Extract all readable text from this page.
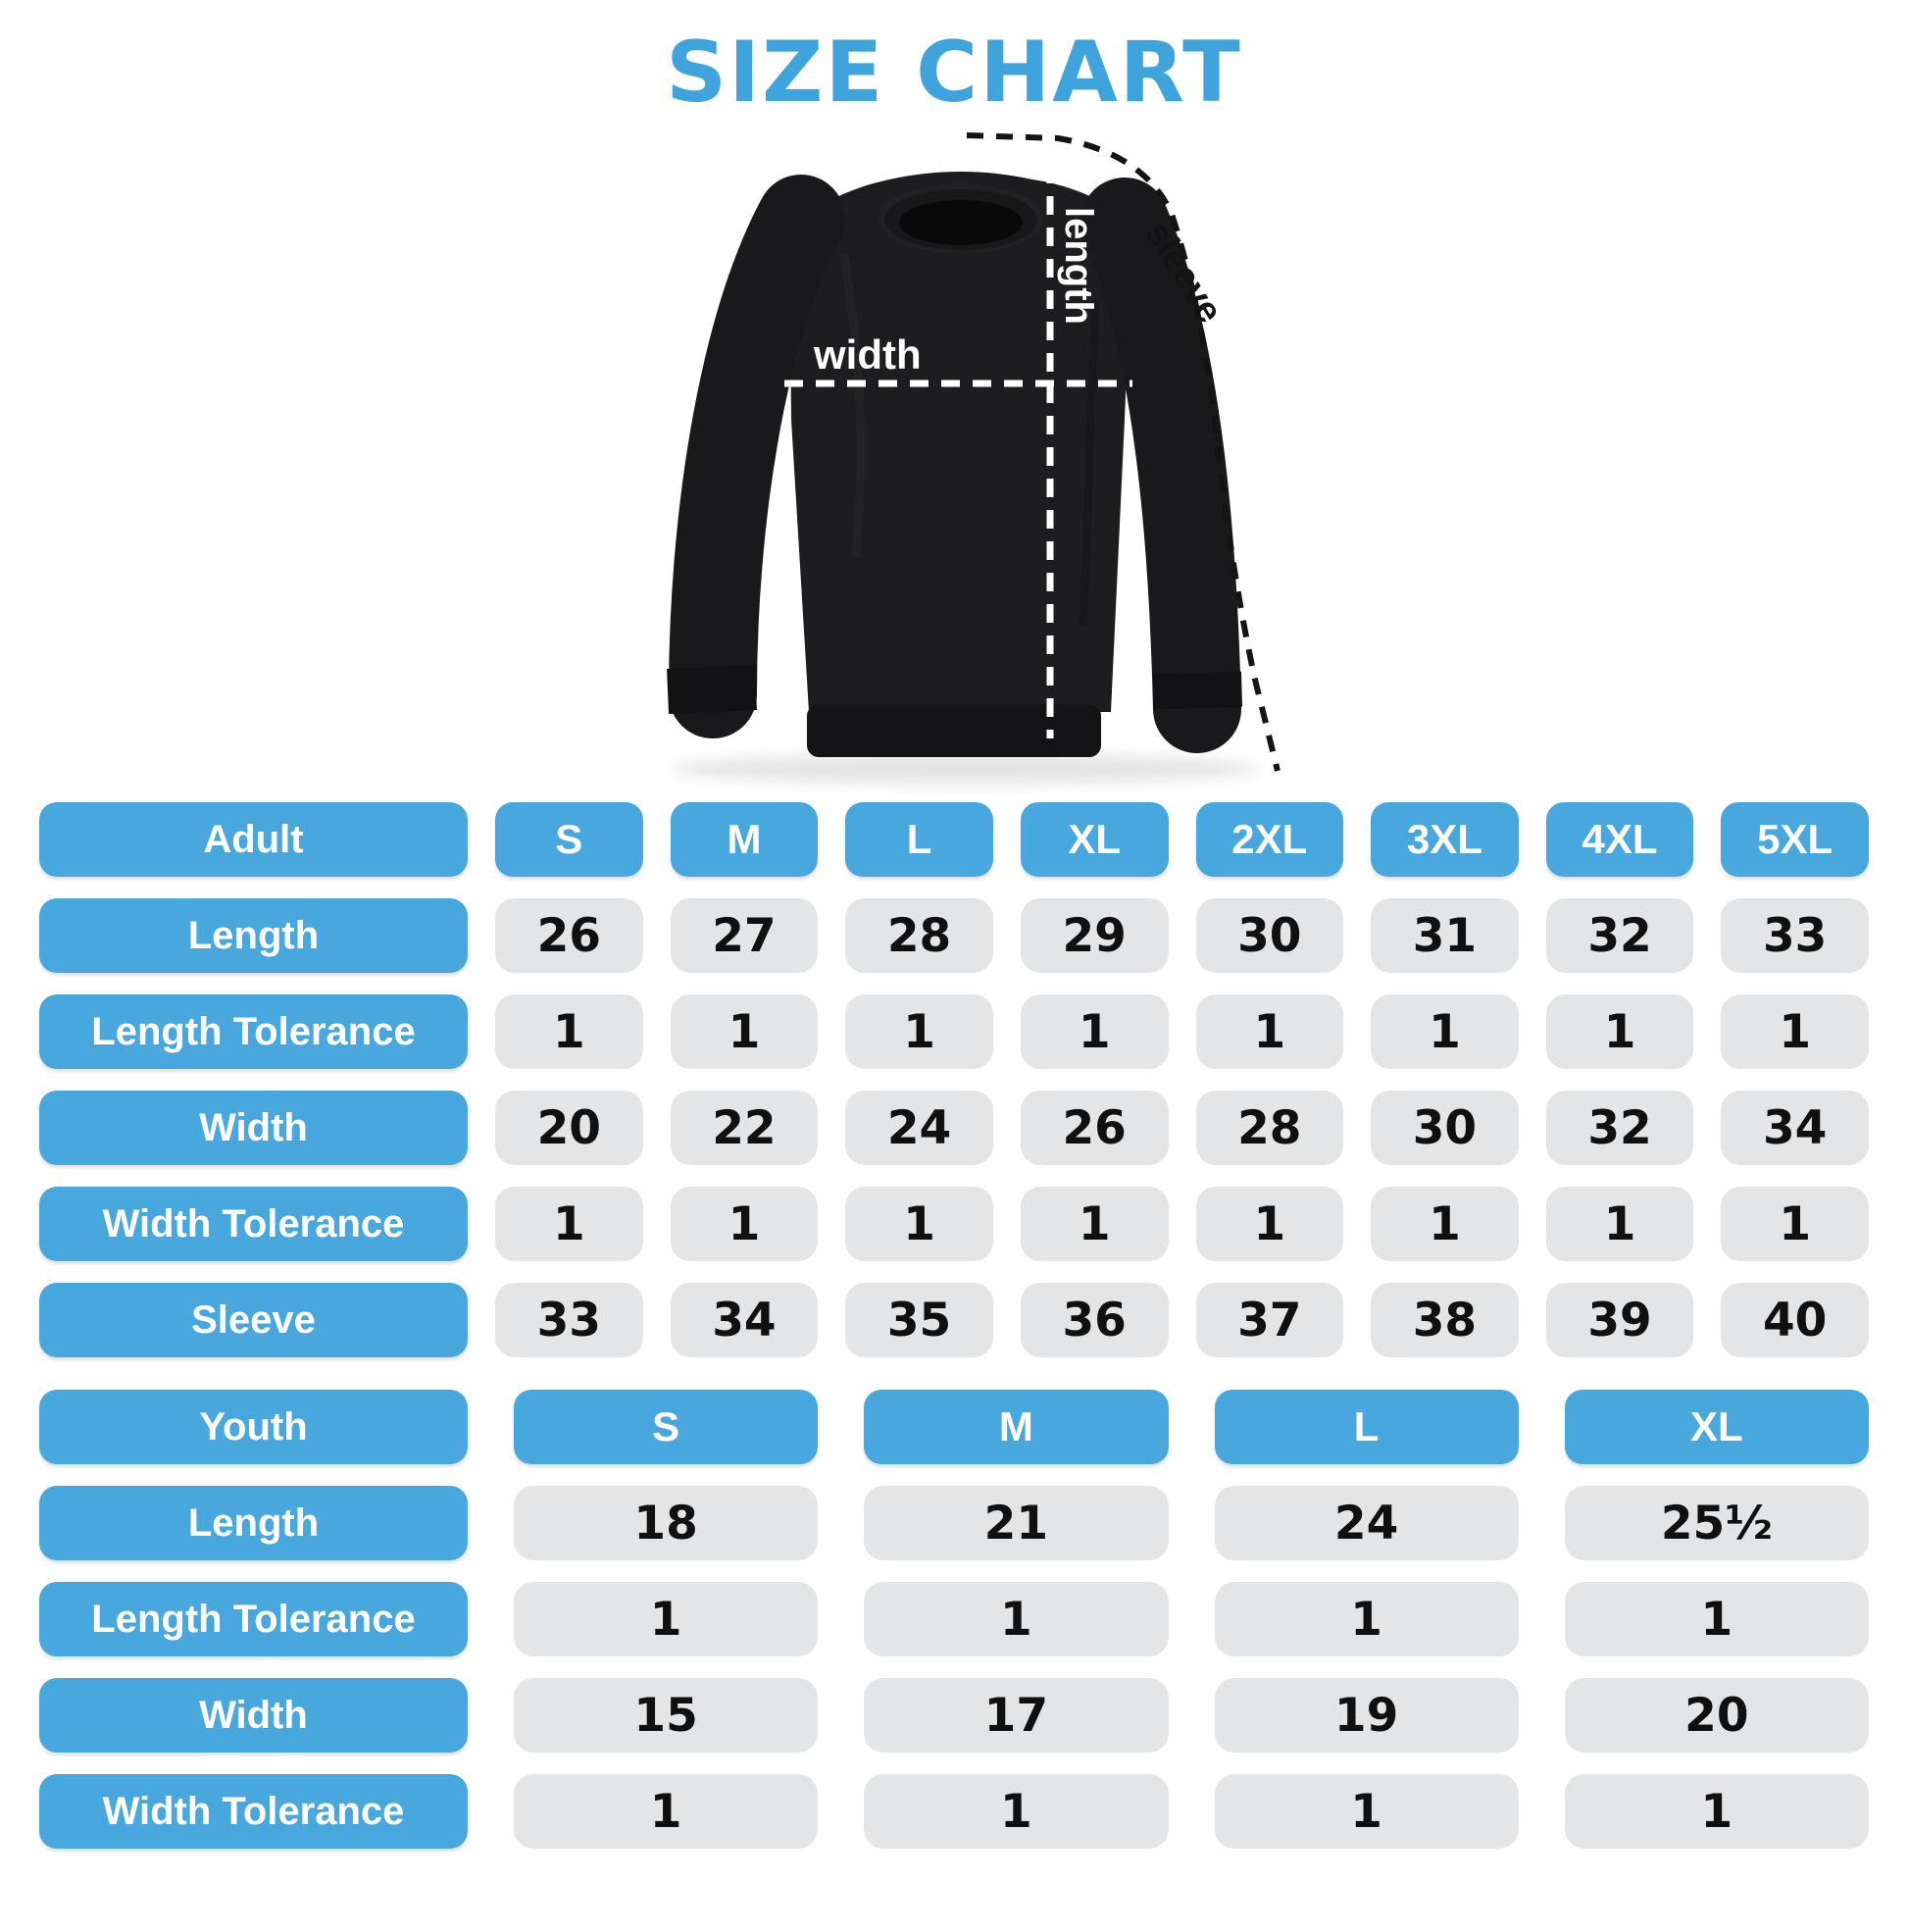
SIZE CHART
width
length sleeve
Adult	S	M	L	XL	2XL	3XL	4XL	5XL
Length	26	27	28	29	30	31	32	33
Length Tolerance	1	1	1	1	1	1	1	1
Width	20	22	24	26	28	30	32	34
Width Tolerance	1	1	1	1	1	1	1	1
Sleeve	33	34	35	36	37	38	39	40
Youth	S	M	L	XL
Length	18	21	24	25½
Length Tolerance	1	1	1	1
Width	15	17	19	20
Width Tolerance	1	1	1	1
